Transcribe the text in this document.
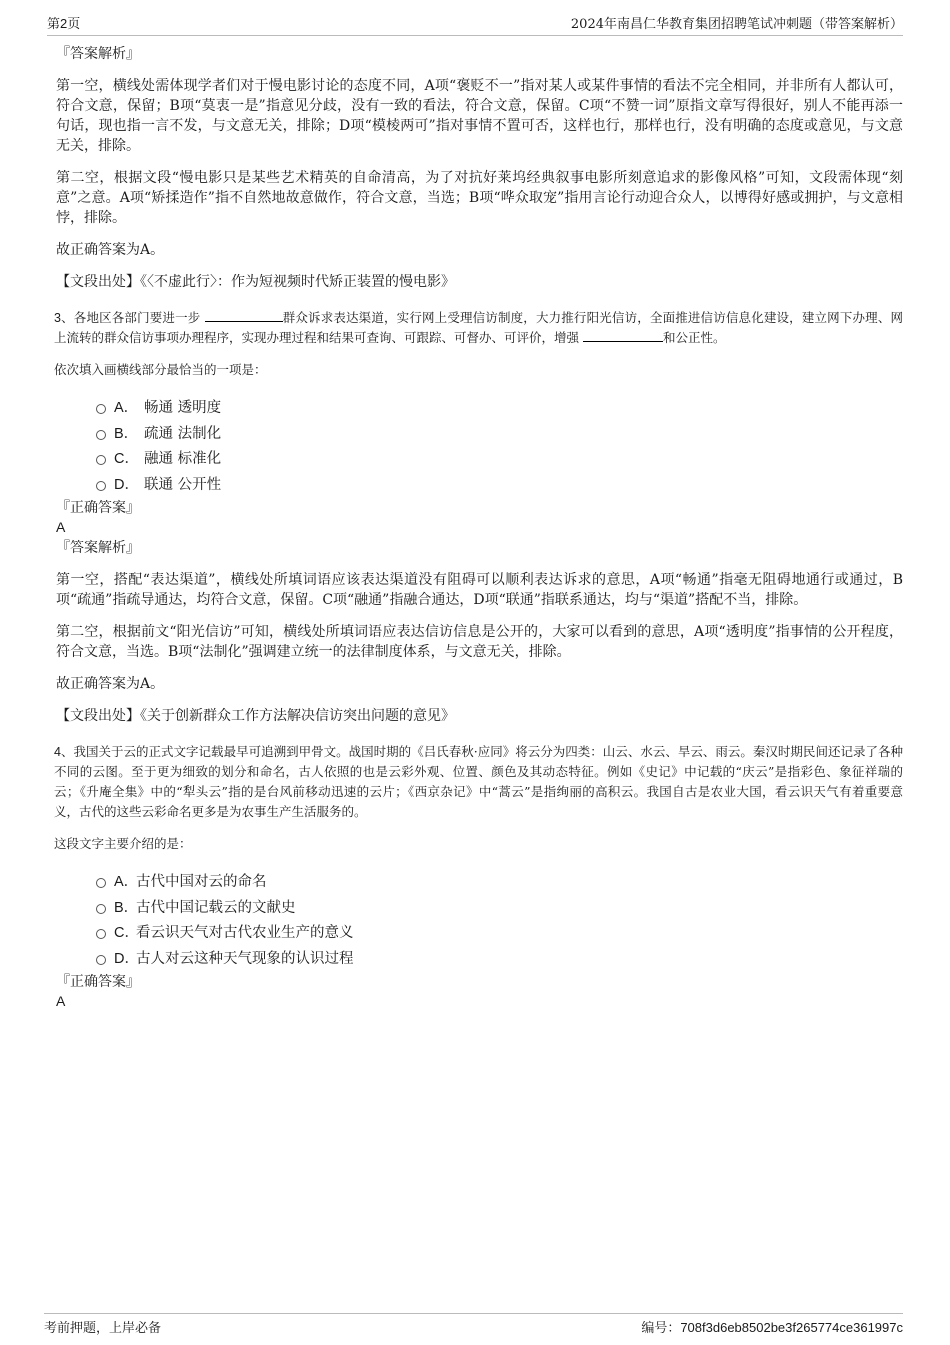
第2页	2024年南昌仁华教育集团招聘笔试冲刺题（带答案解析）

『答案解析』

第一空，横线处需体现学者们对于慢电影讨论的态度不同，A项“褒贬不一”指对某人或某件事情的看法不完全相同，并非所有人都认可，符合文意，保留；B项“莫衷一是”指意见分歧，没有一致的看法，符合文意，保留。C项“不赞一词”原指文章写得很好，别人不能再添一句话，现也指一言不发，与文意无关，排除；D项“模棱两可”指对事情不置可否，这样也行，那样也行，没有明确的态度或意见，与文意无关，排除。

第二空，根据文段“慢电影只是某些艺术精英的自命清高，为了对抗好莱坞经典叙事电影所刻意追求的影像风格”可知，文段需体现“刻意”之意。A项“矫揉造作”指不自然地故意做作，符合文意，当选；B项“哗众取宠”指用言论行动迎合众人，以博得好感或拥护，与文意相悖，排除。

故正确答案为A。

【文段出处】《〈不虚此行〉：作为短视频时代矫正装置的慢电影》

3、各地区各部门要进一步	群众诉求表达渠道，实行网上受理信访制度，大力推行阳光信访，全面推进信访信息化建设，建立网下办理、网上流转的群众信访事项办理程序，实现办理过程和结果可查询、可跟踪、可督办、可评价，增强	和公正性。

依次填入画横线部分最恰当的一项是：

A． 畅通 透明度
B． 疏通 法制化
C． 融通 标准化
D． 联通 公开性

『正确答案』

A

『答案解析』

第一空，搭配“表达渠道”，横线处所填词语应该表达渠道没有阻碍可以顺利表达诉求的意思，A项“畅通”指毫无阻碍地通行或通过，B项“疏通”指疏导通达，均符合文意，保留。C项“融通”指融合通达，D项“联通”指联系通达，均与“渠道”搭配不当，排除。

第二空，根据前文“阳光信访”可知，横线处所填词语应表达信访信息是公开的，大家可以看到的意思，A项“透明度”指事情的公开程度，符合文意，当选。B项“法制化”强调建立统一的法律制度体系，与文意无关，排除。

故正确答案为A。

【文段出处】《关于创新群众工作方法解决信访突出问题的意见》

4、我国关于云的正式文字记载最早可追溯到甲骨文。战国时期的《吕氏春秋·应同》将云分为四类：山云、水云、旱云、雨云。秦汉时期民间还记录了各种不同的云图。至于更为细致的划分和命名，古人依照的也是云彩外观、位置、颜色及其动态特征。例如《史记》中记载的“庆云”是指彩色、象征祥瑞的云；《升庵全集》中的“犁头云”指的是台风前移动迅速的云片；《西京杂记》中“蒿云”是指绚丽的高积云。我国自古是农业大国，看云识天气有着重要意义，古代的这些云彩命名更多是为农事生产生活服务的。

这段文字主要介绍的是：

A．
古代中国对云的命名
B．
古代中国记载云的文献史
C．
看云识天气对古代农业生产的意义
D．
古人对云这种天气现象的认识过程

『正确答案』

A

考前押题，上岸必备	编号：708f3d6eb8502be3f265774ce361997c
